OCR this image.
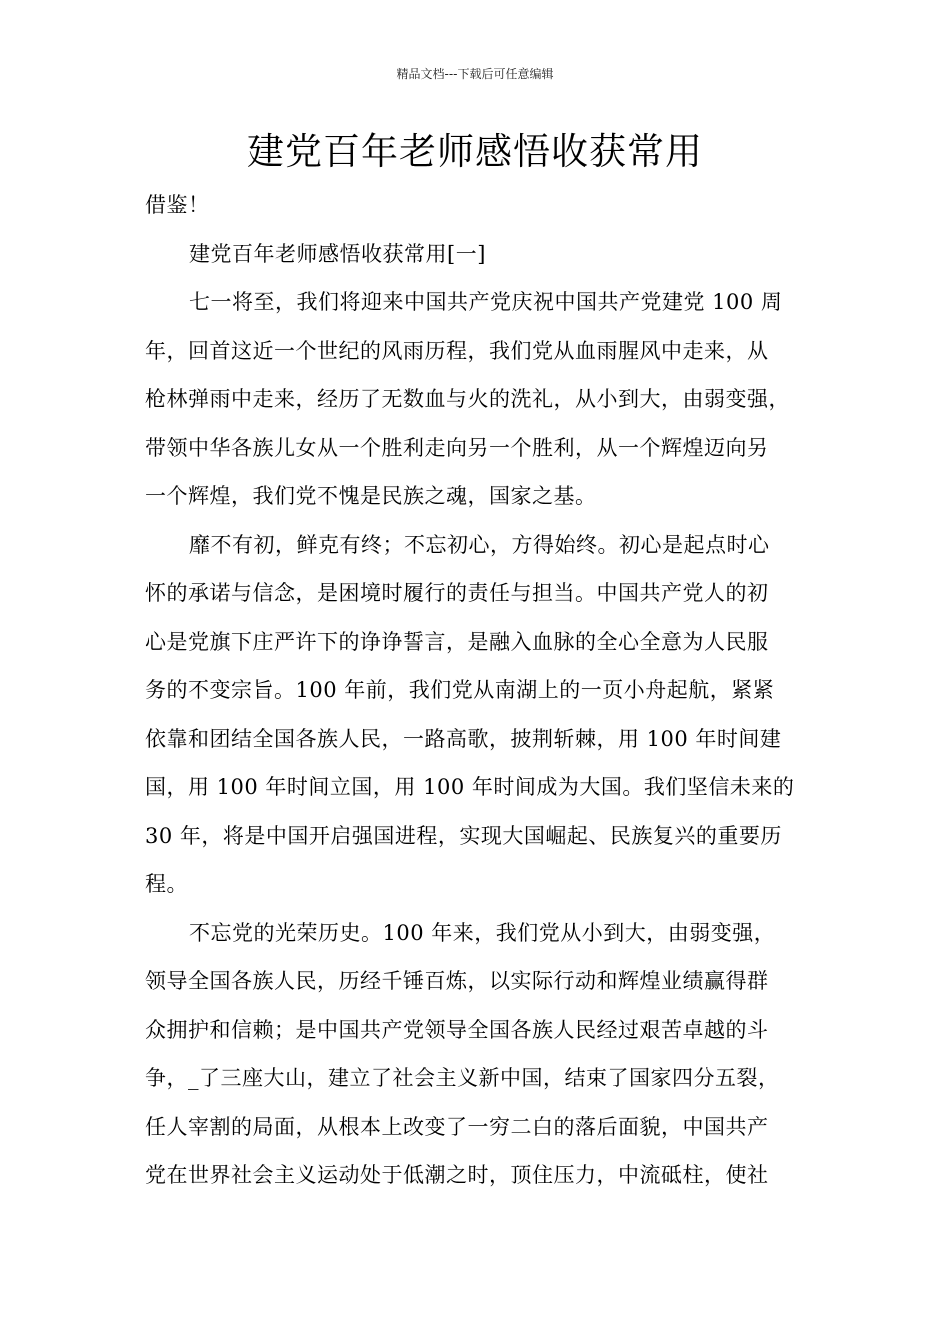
精品文档---下载后可任意编辑
建党百年老师感悟收获常用

借鉴！

建党百年老师感悟收获常用[一]

七一将至，我们将迎来中国共产党庆祝中国共产党建党 100 周

年，回首这近一个世纪的风雨历程，我们党从血雨腥风中走来，从

枪林弹雨中走来，经历了无数血与火的洗礼，从小到大，由弱变强，

带领中华各族儿女从一个胜利走向另一个胜利，从一个辉煌迈向另

一个辉煌，我们党不愧是民族之魂，国家之基。

靡不有初，鲜克有终；不忘初心，方得始终。初心是起点时心

怀的承诺与信念，是困境时履行的责任与担当。中国共产党人的初

心是党旗下庄严许下的诤诤誓言，是融入血脉的全心全意为人民服

务的不变宗旨。100 年前，我们党从南湖上的一页小舟起航，紧紧

依靠和团结全国各族人民，一路高歌，披荆斩棘，用 100 年时间建

国，用 100 年时间立国，用 100 年时间成为大国。我们坚信未来的

30 年，将是中国开启强国进程，实现大国崛起、民族复兴的重要历

程。

不忘党的光荣历史。100 年来，我们党从小到大，由弱变强，

领导全国各族人民，历经千锤百炼，以实际行动和辉煌业绩赢得群

众拥护和信赖；是中国共产党领导全国各族人民经过艰苦卓越的斗

争，_了三座大山，建立了社会主义新中国，结束了国家四分五裂，

任人宰割的局面，从根本上改变了一穷二白的落后面貌，中国共产

党在世界社会主义运动处于低潮之时，顶住压力，中流砥柱，使社
